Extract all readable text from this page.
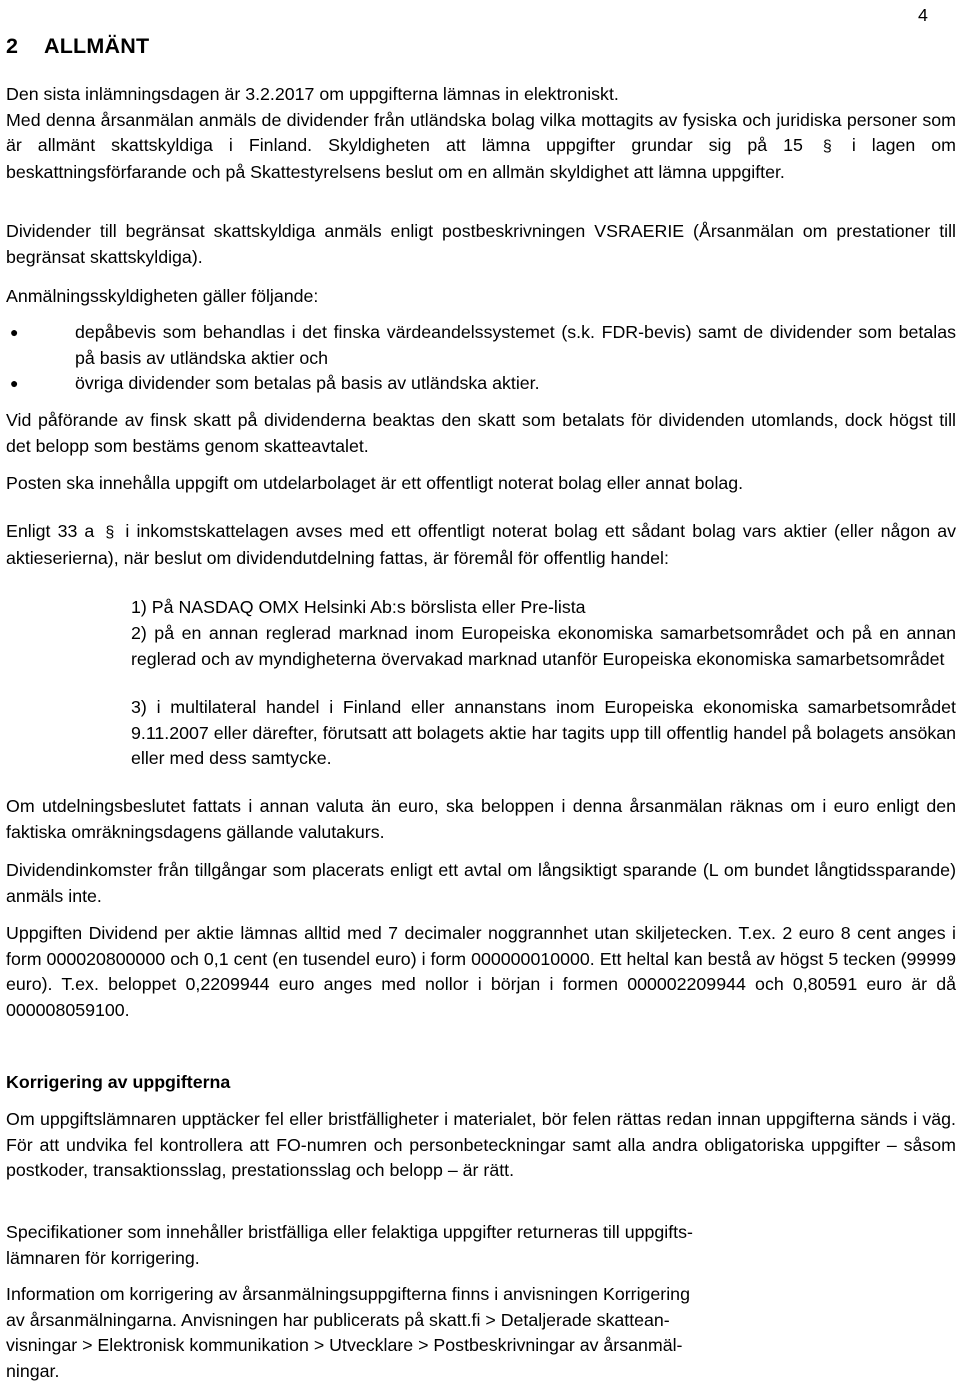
4
2 ALLMÄNT
Den sista inlämningsdagen är 3.2.2017 om uppgifterna lämnas in elektroniskt.
Med denna årsanmälan anmäls de dividender från utländska bolag vilka mottagits av fysiska och juridiska personer som är allmänt skattskyldiga i Finland. Skyldigheten att lämna uppgifter grundar sig på 15 § i lagen om beskattningsförfarande och på Skattestyrelsens beslut om en allmän skyldighet att lämna uppgifter.

Dividender till begränsat skattskyldiga anmäls enligt postbeskrivningen VSRAERIE (Årsanmälan om prestationer till begränsat skattskyldiga).

Anmälningsskyldigheten gäller följande:

●	depåbevis som behandlas i det finska värdeandelssystemet (s.k. FDR-bevis) samt de dividender som betalas på basis av utländska aktier och
●	övriga dividender som betalas på basis av utländska aktier.

Vid påförande av finsk skatt på dividenderna beaktas den skatt som betalats för dividenden utomlands, dock högst till det belopp som bestäms genom skatteavtalet.

Posten ska innehålla uppgift om utdelarbolaget är ett offentligt noterat bolag eller annat bolag.

Enligt 33 a § i inkomstskattelagen avses med ett offentligt noterat bolag ett sådant bolag vars aktier (eller någon av aktieserierna), när beslut om dividendutdelning fattas, är föremål för offentlig handel:

1) På NASDAQ OMX Helsinki Ab:s börslista eller Pre-lista

2) på en annan reglerad marknad inom Europeiska ekonomiska samarbetsområdet och på en annan reglerad och av myndigheterna övervakad marknad utanför Europeiska ekonomiska samarbetsområdet

3) i multilateral handel i Finland eller annanstans inom Europeiska ekonomiska samarbetsområdet 9.11.2007 eller därefter, förutsatt att bolagets aktie har tagits upp till offentlig handel på bolagets ansökan eller med dess samtycke.

Om utdelningsbeslutet fattats i annan valuta än euro, ska beloppen i denna årsanmälan räknas om i euro enligt den faktiska omräkningsdagens gällande valutakurs.

Dividendinkomster från tillgångar som placerats enligt ett avtal om långsiktigt sparande (L om bundet långtidssparande) anmäls inte.

Uppgiften Dividend per aktie lämnas alltid med 7 decimaler noggrannhet utan skiljetecken. T.ex. 2 euro 8 cent anges i form 000020800000 och 0,1 cent (en tusendel euro) i form 000000010000. Ett heltal kan bestå av högst 5 tecken (99999 euro). T.ex. beloppet 0,2209944 euro anges med nollor i början i formen 000002209944 och 0,80591 euro är då 000008059100.

Korrigering av uppgifterna

Om uppgiftslämnaren upptäcker fel eller bristfälligheter i materialet, bör felen rättas redan innan uppgifterna sänds i väg. För att undvika fel kontrollera att FO-numren och personbeteckningar samt alla andra obligatoriska uppgifter – såsom postkoder, transaktionsslag, prestationsslag och belopp – är rätt.

Specifikationer som innehåller bristfälliga eller felaktiga uppgifter returneras till uppgifts-
lämnaren för korrigering.
Information om korrigering av årsanmälningsuppgifterna finns i anvisningen Korrigering
av årsanmälningarna. Anvisningen har publicerats på skatt.fi > Detaljerade skattean-
visningar > Elektronisk kommunikation > Utvecklare > Postbeskrivningar av årsanmäl-
ningar.
